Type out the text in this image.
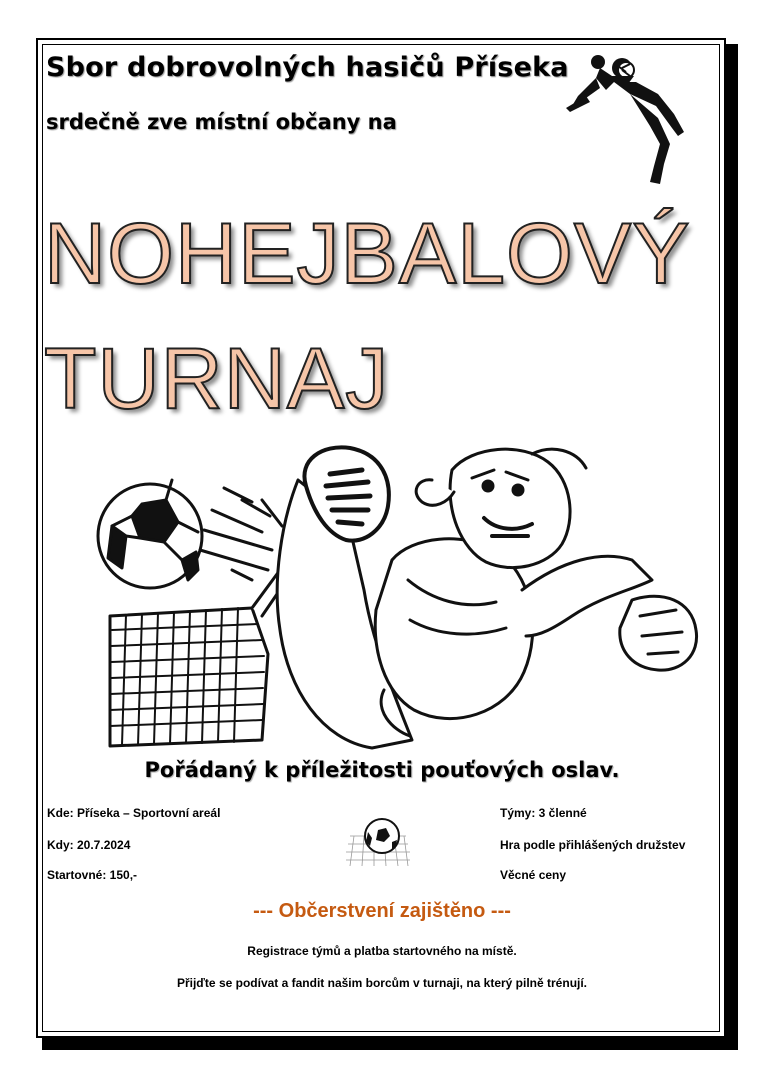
Sbor dobrovolných hasičů Příseka
srdečně zve místní občany na
NOHEJBALOVÝ
TURNAJ
Pořádaný k příležitosti pouťových oslav.
Kde: Příseka – Sportovní areál
Kdy: 20.7.2024
Startovné: 150,-
Týmy: 3 členné
Hra podle přihlášených družstev
Věcné ceny
--- Občerstvení zajištěno ---
Registrace týmů a platba startovného na místě.
Přijďte se podívat a fandit našim borcům v turnaji, na který pilně trénují.
